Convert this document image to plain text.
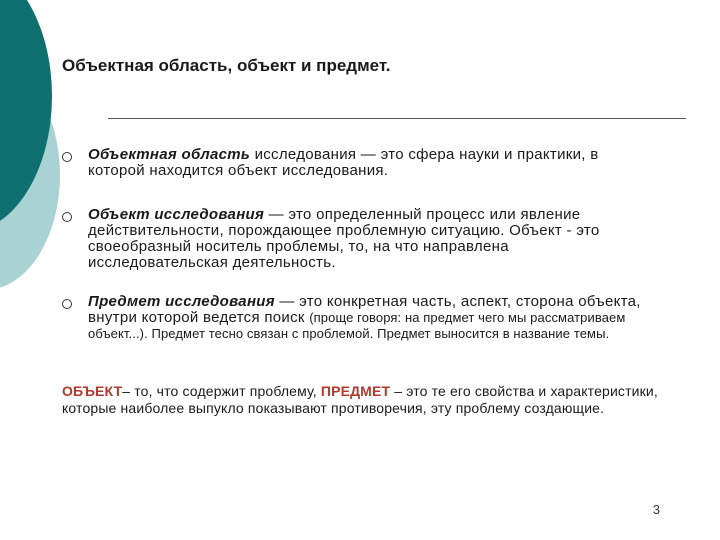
Объектная область, объект и предмет.
Объектная область исследования — это сфера науки и практики, в которой находится объект исследования.
Объект исследования — это определенный процесс или явление действительности, порождающее проблемную ситуацию. Объект - это своеобразный носитель проблемы, то, на что направлена исследовательская деятельность.
Предмет исследования — это конкретная часть, аспект, сторона объекта, внутри которой ведется поиск (проще говоря: на предмет чего мы рассматриваем объект...). Предмет тесно связан с проблемой. Предмет выносится в название темы.
ОБЪЕКТ– то, что содержит проблему, ПРЕДМЕТ – это те его свойства и характеристики, которые наиболее выпукло показывают противоречия, эту проблему создающие.
3
